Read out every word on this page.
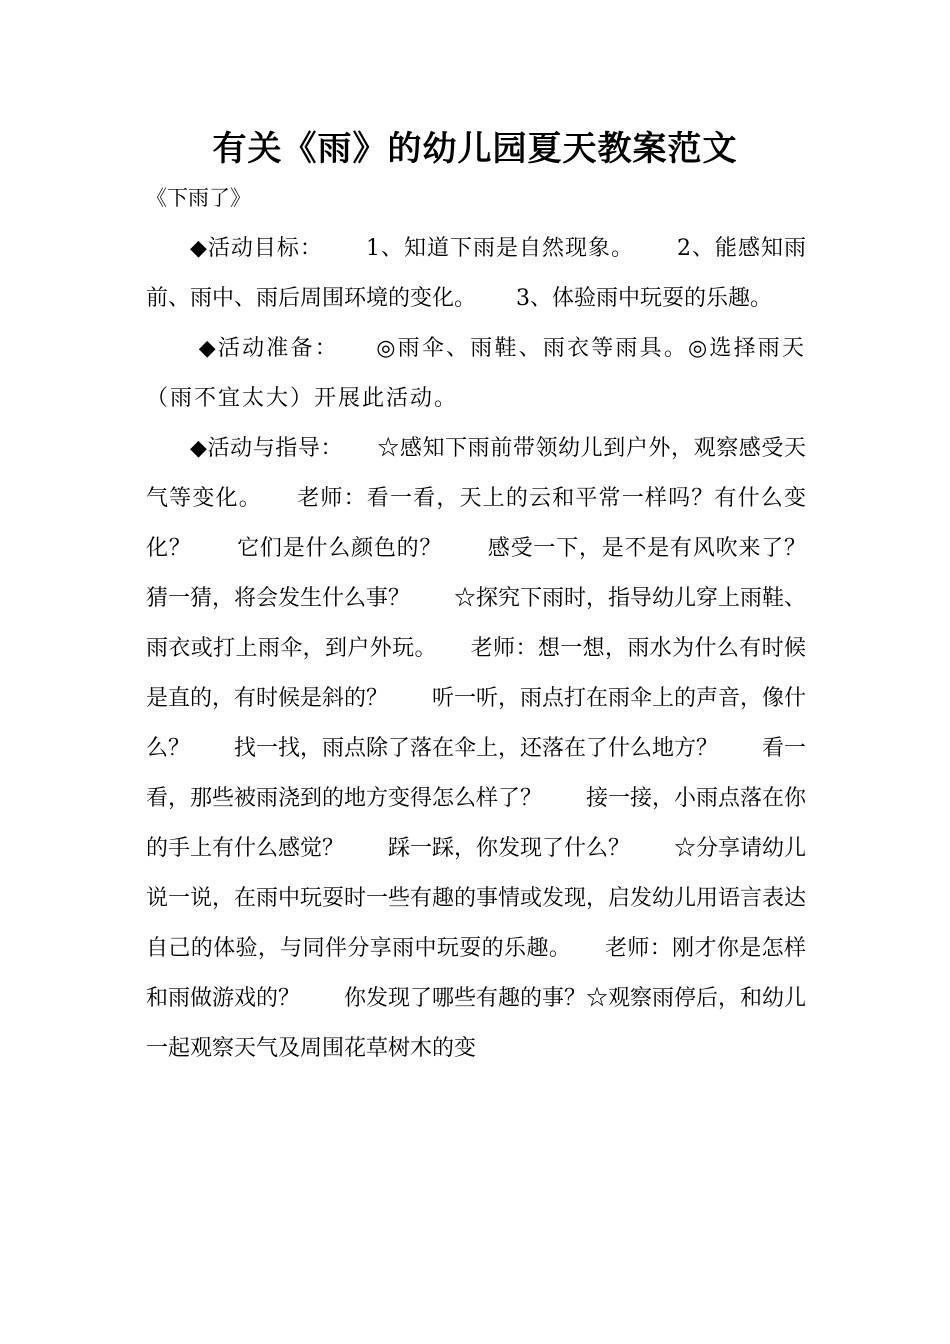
有关《雨》的幼儿园夏天教案范文
《下雨了》

◆活动目标：　　 1、知道下雨是自然现象。　　 2、能感知雨前、雨中、雨后周围环境的变化。　　 3、体验雨中玩耍的乐趣。

◆活动准备：　　◎雨伞、雨鞋、雨衣等雨具。◎选择雨天（雨不宜太大）开展此活动。

◆活动与指导：　　☆感知下雨前带领幼儿到户外，观察感受天气等变化。　　老师：看一看，天上的云和平常一样吗？有什么变化？　　它们是什么颜色的？　　感受一下，是不是有风吹来了？　　猜一猜，将会发生什么事？　　☆探究下雨时，指导幼儿穿上雨鞋、雨衣或打上雨伞，到户外玩。　　老师：想一想，雨水为什么有时候是直的，有时候是斜的？　　听一听，雨点打在雨伞上的声音，像什么？　　找一找，雨点除了落在伞上，还落在了什么地方？　　看一看，那些被雨浇到的地方变得怎么样了？　　接一接，小雨点落在你的手上有什么感觉？　　踩一踩，你发现了什么？　　☆分享请幼儿说一说，在雨中玩耍时一些有趣的事情或发现，启发幼儿用语言表达自己的体验，与同伴分享雨中玩耍的乐趣。　　老师：刚才你是怎样和雨做游戏的？　　你发现了哪些有趣的事？☆观察雨停后，和幼儿一起观察天气及周围花草树木的变
